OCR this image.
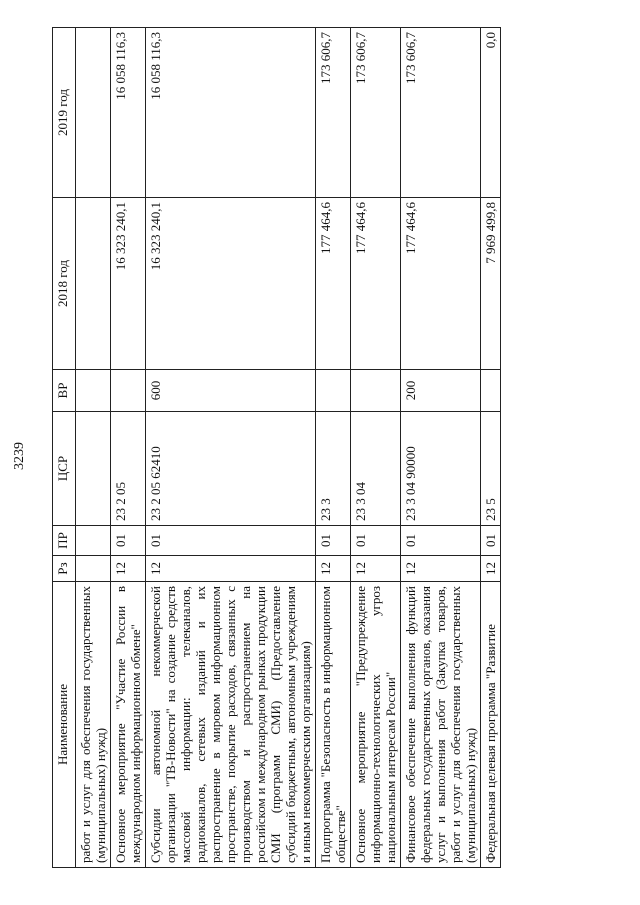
3239
Наименование	Рз	ПР	ЦСР	ВР	2018 год	2019 год
работ и услуг для обеспечения государственных (муниципальных) нужд)						
Основное мероприятие "Участие России в международном информационном обмене"	12	01	23 2 05		16 323 240,1	16 058 116,3
Субсидии автономной некоммерческой организации "ТВ-Новости" на создание средств массовой информации: телеканалов, радиоканалов, сетевых изданий и их распространение в мировом информационном пространстве, покрытие расходов, связанных с производством и распространением на российском и международном рынках продукции СМИ (программ СМИ) (Предоставление субсидий бюджетным, автономным учреждениям и иным некоммерческим организациям)	12	01	23 2 05 62410	600	16 323 240,1	16 058 116,3
Подпрограмма "Безопасность в информационном обществе"	12	01	23 3		177 464,6	173 606,7
Основное мероприятие "Предупреждение информационно-технологических угроз национальным интересам России"	12	01	23 3 04		177 464,6	173 606,7
Финансовое обеспечение выполнения функций федеральных государственных органов, оказания услуг и выполнения работ (Закупка товаров, работ и услуг для обеспечения государственных (муниципальных) нужд)	12	01	23 3 04 90000	200	177 464,6	173 606,7
Федеральная целевая программа "Развитие	12	01	23 5		7 969 499,8	0,0
